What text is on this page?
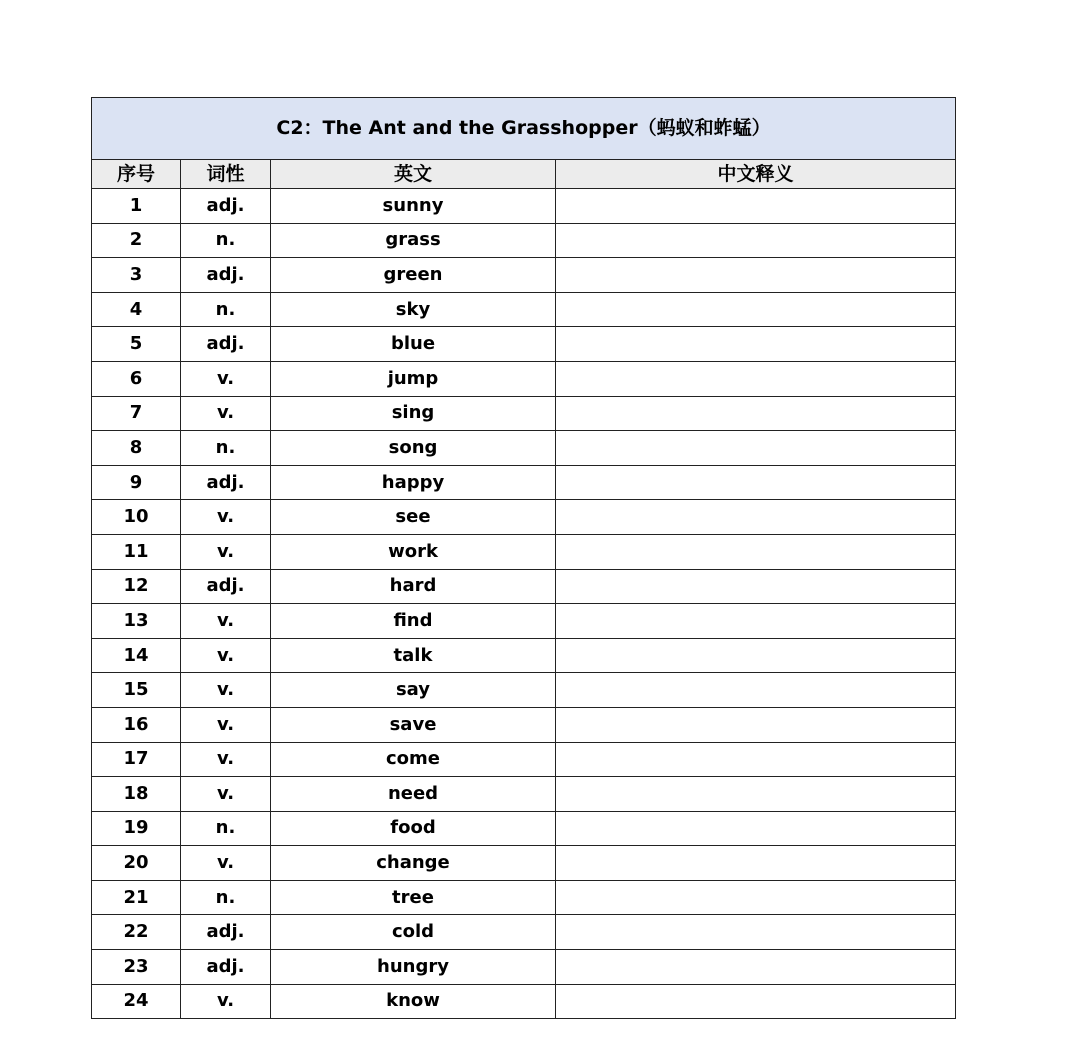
C2：The Ant and the Grasshopper（蚂蚁和蚱蜢）			
序号	词性	英文	中文释义
1	adj.	sunny	
2	n.	grass	
3	adj.	green	
4	n.	sky	
5	adj.	blue	
6	v.	jump	
7	v.	sing	
8	n.	song	
9	adj.	happy	
10	v.	see	
11	v.	work	
12	adj.	hard	
13	v.	find	
14	v.	talk	
15	v.	say	
16	v.	save	
17	v.	come	
18	v.	need	
19	n.	food	
20	v.	change	
21	n.	tree	
22	adj.	cold	
23	adj.	hungry	
24	v.	know	
